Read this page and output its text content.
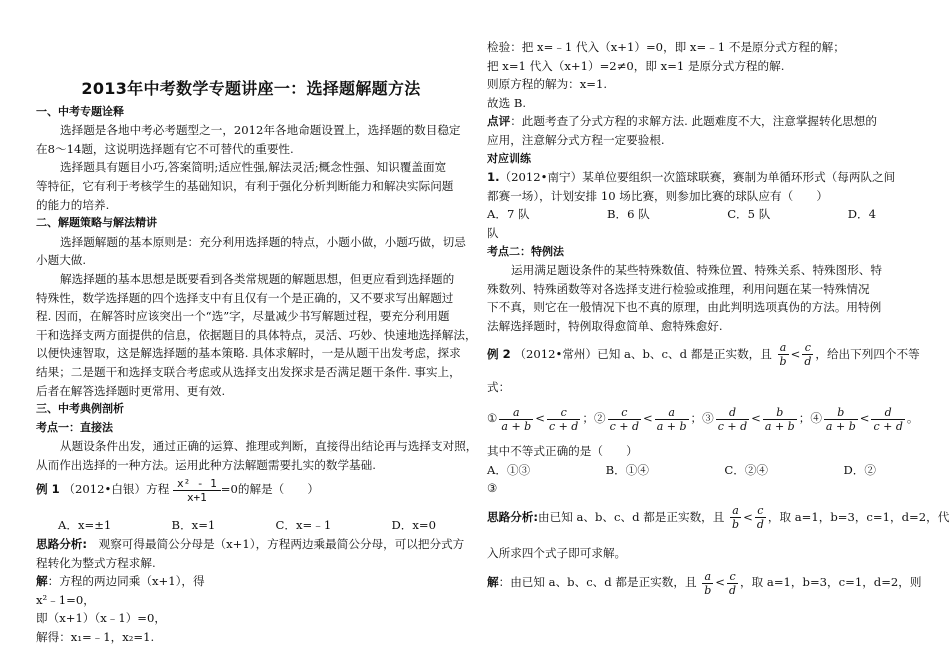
2013年中考数学专题讲座一：选择题解题方法
一、中考专题诠释
选择题是各地中考必考题型之一，2012年各地命题设置上，选择题的数目稳定
在8～14题，这说明选择题有它不可替代的重要性.
选择题具有题目小巧,答案简明;适应性强,解法灵活;概念性强、知识覆盖面宽
等特征，它有利于考核学生的基础知识，有利于强化分析判断能力和解决实际问题
的能力的培养.
二、解题策略与解法精讲
选择题解题的基本原则是：充分利用选择题的特点，小题小做，小题巧做，切忌
小题大做.
解选择题的基本思想是既要看到各类常规题的解题思想，但更应看到选择题的
特殊性，数学选择题的四个选择支中有且仅有一个是正确的，又不要求写出解题过
程. 因而，在解答时应该突出一个“选”字，尽量减少书写解题过程，要充分利用题
干和选择支两方面提供的信息，依据题目的具体特点，灵活、巧妙、快速地选择解法，
以便快速智取，这是解选择题的基本策略. 具体求解时，一是从题干出发考虑，探求
结果；二是题干和选择支联合考虑或从选择支出发探求是否满足题干条件. 事实上，
后者在解答选择题时更常用、更有效.
三、中考典例剖析
考点一：直接法
从题设条件出发，通过正确的运算、推理或判断，直接得出结论再与选择支对照，
从而作出选择的一种方法。运用此种方法解题需要扎实的数学基础.
例 1 （2012•白银）方程 $\frac{\text{x² - 1}}{x+1}=0$的解是（　　）
A．x=±1	B．x=1	C．x=﹣1	D．x=0
思路分析:　观察可得最简公分母是（x+1），方程两边乘最简公分母，可以把分式方
程转化为整式方程求解.
解：方程的两边同乘（x+1），得
x²﹣1=0，
即（x+1）（x﹣1）=0，
解得：x₁=﹣1，x₂=1.
检验：把 x=﹣1 代入（x+1）=0，即 x=﹣1 不是原分式方程的解；
把 x=1 代入（x+1）=2≠0，即 x=1 是原分式方程的解.
则原方程的解为：x=1.
故选 B.
点评：此题考查了分式方程的求解方法. 此题难度不大，注意掌握转化思想的
应用，注意解分式方程一定要验根.
对应训练
1.（2012•南宁）某单位要组织一次篮球联赛，赛制为单循环形式（每两队之间
都赛一场），计划安排 10 场比赛，则参加比赛的球队应有（　　）
A．7 队	B．6 队	C．5 队	D．4
队
考点二：特例法
运用满足题设条件的某些特殊数值、特殊位置、特殊关系、特殊图形、特
殊数列、特殊函数等对各选择支进行检验或推理，利用问题在某一特殊情况
下不真，则它在一般情况下也不真的原理，由此判明选项真伪的方法。用特例
法解选择题时，特例取得愈简单、愈特殊愈好.
例 2 （2012•常州）已知 a、b、c、d 都是正实数，且 $\frac{a}{b} < \frac{c}{d}$ ，给出下列四个不等
式：
① $\frac{a}{a + b} < \frac{c}{c + d}$ ；② $\frac{c}{c + d} < \frac{a}{a + b}$ ；③ $\frac{d}{c + d} < \frac{b}{a + b}$ ；④ $\frac{b}{a + b} < \frac{d}{c + d}$ 。
其中不等式正确的是（　　）
A．①③	B．①④	C．②④	D．②
③
思路分析:由已知 a、b、c、d 都是正实数，且 $\frac{a}{b} < \frac{c}{d}$ ，取 a=1，b=3，c=1，d=2，代
入所求四个式子即可求解。
解：由已知 a、b、c、d 都是正实数，且 $\frac{a}{b} < \frac{c}{d}$ ，取 a=1，b=3，c=1，d=2，则
